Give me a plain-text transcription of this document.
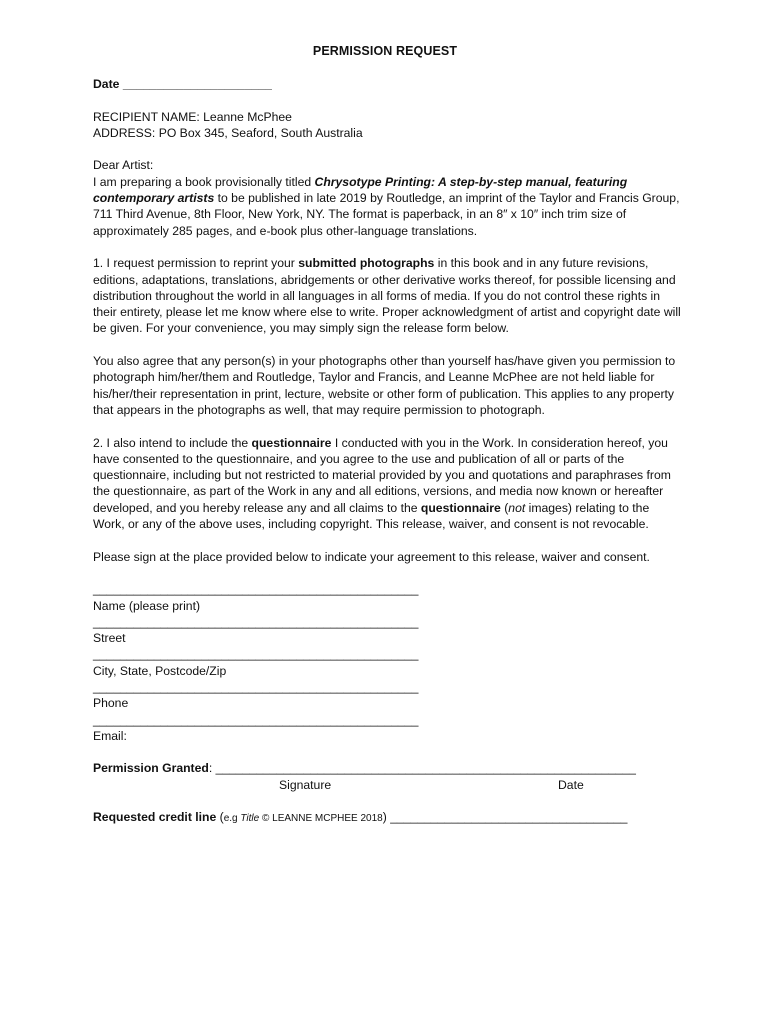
PERMISSION REQUEST

Date ______________________

RECIPIENT NAME: Leanne McPhee

ADDRESS: PO Box 345, Seaford, South Australia

Dear Artist:

I am preparing a book provisionally titled Chrysotype Printing: A step-by-step manual, featuring contemporary artists to be published in late 2019 by Routledge, an imprint of the Taylor and Francis Group, 711 Third Avenue, 8th Floor, New York, NY. The format is paperback, in an 8″ x 10″ inch trim size of approximately 285 pages, and e-book plus other-language translations.

1. I request permission to reprint your submitted photographs in this book and in any future revisions, editions, adaptations, translations, abridgements or other derivative works thereof, for possible licensing and distribution throughout the world in all languages in all forms of media. If you do not control these rights in their entirety, please let me know where else to write. Proper acknowledgment of artist and copyright date will be given. For your convenience, you may simply sign the release form below.

You also agree that any person(s) in your photographs other than yourself has/have given you permission to photograph him/her/them and Routledge, Taylor and Francis, and Leanne McPhee are not held liable for his/her/their representation in print, lecture, website or other form of publication. This applies to any property that appears in the photographs as well, that may require permission to photograph.

2. I also intend to include the questionnaire I conducted with you in the Work. In consideration hereof, you have consented to the questionnaire, and you agree to the use and publication of all or parts of the questionnaire, including but not restricted to material provided by you and quotations and paraphrases from the questionnaire, as part of the Work in any and all editions, versions, and media now known or hereafter developed, and you hereby release any and all claims to the questionnaire (not images) relating to the Work, or any of the above uses, including copyright. This release, waiver, and consent is not revocable.

Please sign at the place provided below to indicate your agreement to this release, waiver and consent.

________________________________________________
Name (please print)
________________________________________________
Street
________________________________________________
City, State, Postcode/Zip
________________________________________________
Phone
________________________________________________
Email:
Permission Granted: ______________________________________________________________
Signature	Date
Requested credit line (e.g Title © LEANNE MCPHEE 2018) ___________________________________
